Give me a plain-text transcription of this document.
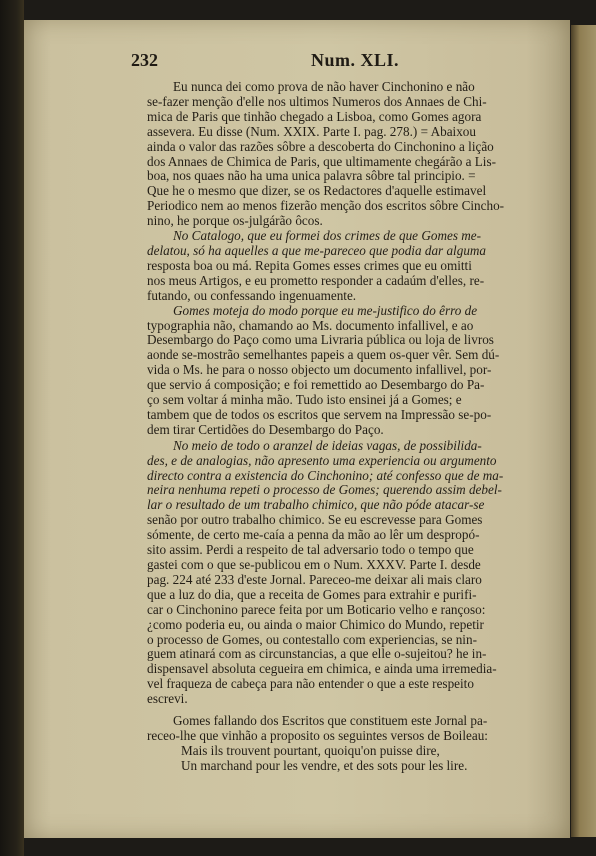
232	Num. XLI.
Eu nunca dei como prova de não haver Cinchonino e não
se-fazer menção d'elle nos ultimos Numeros dos Annaes de Chi-
mica de Paris que tinhão chegado a Lisboa, como Gomes agora
assevera. Eu disse (Num. XXIX. Parte I. pag. 278.) = Abaixou
ainda o valor das razões sôbre a descoberta do Cinchonino a lição
dos Annaes de Chimica de Paris, que ultimamente chegárão a Lis-
boa, nos quaes não ha uma unica palavra sôbre tal principio. =
Que he o mesmo que dizer, se os Redactores d'aquelle estimavel
Periodico nem ao menos fizerão menção dos escritos sôbre Cincho-
nino, he porque os-julgárão ôcos.
No Catalogo, que eu formei dos crimes de que Gomes me-
delatou, só ha aquelles a que me-pareceo que podia dar alguma
resposta boa ou má. Repita Gomes esses crimes que eu omitti
nos meus Artigos, e eu prometto responder a cadaúm d'elles, re-
futando, ou confessando ingenuamente.
Gomes moteja do modo porque eu me-justifico do êrro de
typographia não, chamando ao Ms. documento infallivel, e ao
Desembargo do Paço como uma Livraria pública ou loja de livros
aonde se-mostrão semelhantes papeis a quem os-quer vêr. Sem dú-
vida o Ms. he para o nosso objecto um documento infallivel, por-
que servio á composição; e foi remettido ao Desembargo do Pa-
ço sem voltar á minha mão. Tudo isto ensinei já a Gomes; e
tambem que de todos os escritos que servem na Impressão se-po-
dem tirar Certidões do Desembargo do Paço.
No meio de todo o aranzel de ideias vagas, de possibilida-
des, e de analogias, não apresento uma experiencia ou argumento
directo contra a existencia do Cinchonino; até confesso que de ma-
neira nenhuma repeti o processo de Gomes; querendo assim debel-
lar o resultado de um trabalho chimico, que não póde atacar-se
senão por outro trabalho chimico. Se eu escrevesse para Gomes
sómente, de certo me-caía a penna da mão ao lêr um despropó-
sito assim. Perdi a respeito de tal adversario todo o tempo que
gastei com o que se-publicou em o Num. XXXV. Parte I. desde
pag. 224 até 233 d'este Jornal. Pareceo-me deixar ali mais claro
que a luz do dia, que a receita de Gomes para extrahir e purifi-
car o Cinchonino parece feita por um Boticario velho e rançoso:
¿como poderia eu, ou ainda o maior Chimico do Mundo, repetir
o processo de Gomes, ou contestallo com experiencias, se nin-
guem atinará com as circunstancias, a que elle o-sujeitou? he in-
dispensavel absoluta cegueira em chimica, e ainda uma irremedia-
vel fraqueza de cabeça para não entender o que a este respeito
escrevi.
Gomes fallando dos Escritos que constituem este Jornal pa-
receo-lhe que vinhão a proposito os seguintes versos de Boileau:
Mais ils trouvent pourtant, quoiqu'on puisse dire,
Un marchand pour les vendre, et des sots pour les lire.
